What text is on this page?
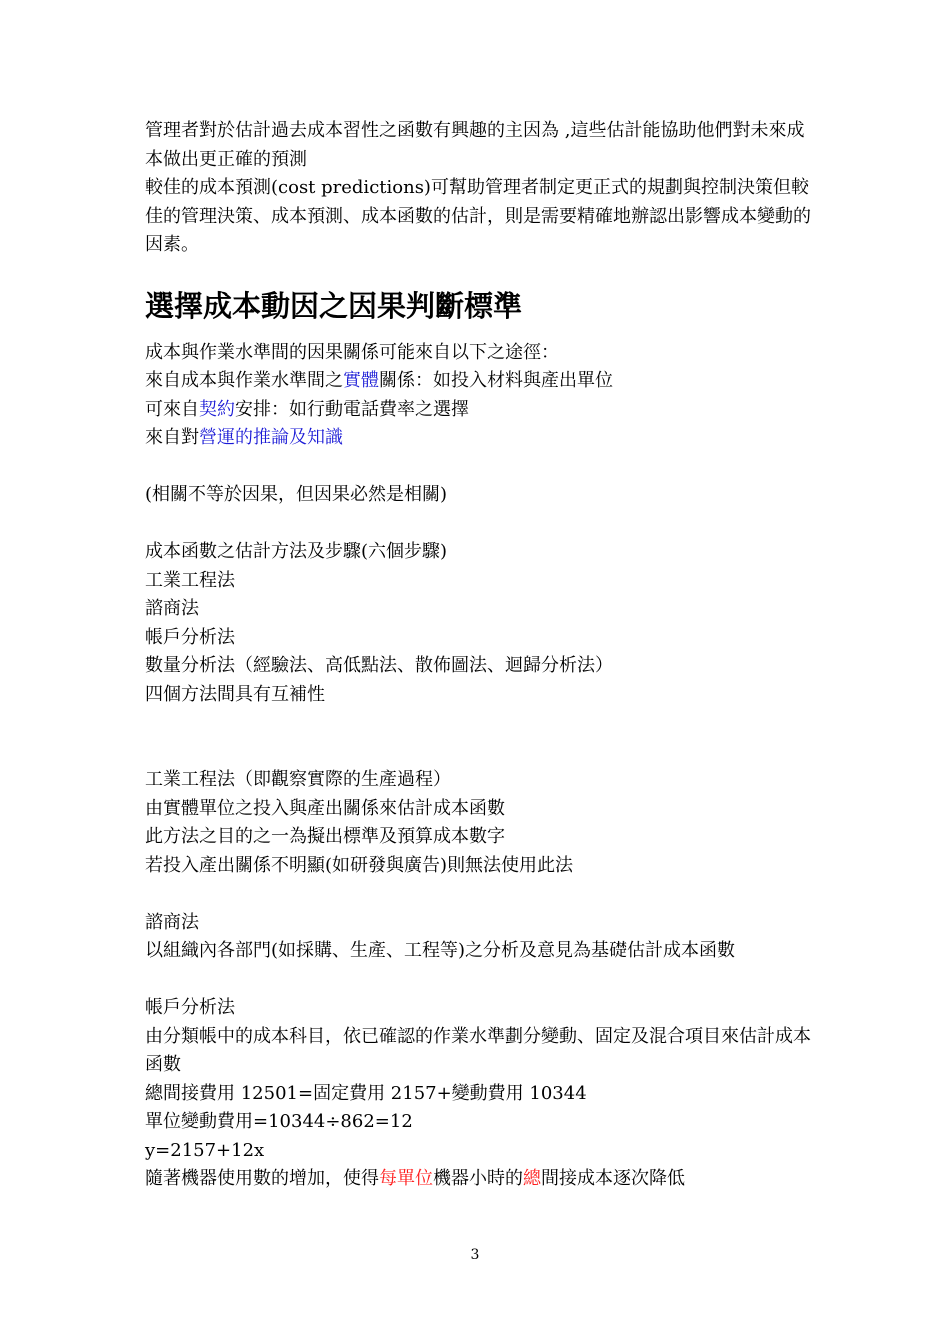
管理者對於估計過去成本習性之函數有興趣的主因為 ,這些估計能協助他們對未來成本做出更正確的預測

較佳的成本預測(cost predictions)可幫助管理者制定更正式的規劃與控制決策但較佳的管理決策、成本預測、成本函數的估計，則是需要精確地辦認出影響成本變動的因素。

選擇成本動因之因果判斷標準

成本與作業水準間的因果關係可能來自以下之途徑：

來自成本與作業水準間之實體關係：如投入材料與產出單位

可來自契約安排：如行動電話費率之選擇

來自對營運的推論及知識

(相關不等於因果，但因果必然是相關)

成本函數之估計方法及步驟(六個步驟)

工業工程法

諮商法

帳戶分析法

數量分析法（經驗法、高低點法、散佈圖法、迴歸分析法）

四個方法間具有互補性

工業工程法（即觀察實際的生產過程）

由實體單位之投入與產出關係來估計成本函數

此方法之目的之一為擬出標準及預算成本數字

若投入產出關係不明顯(如研發與廣告)則無法使用此法

諮商法

以組織內各部門(如採購、生產、工程等)之分析及意見為基礎估計成本函數

帳戶分析法

由分類帳中的成本科目，依已確認的作業水準劃分變動、固定及混合項目來估計成本函數

總間接費用 12501=固定費用 2157+變動費用 10344

單位變動費用=10344÷862=12

y=2157+12x

隨著機器使用數的增加，使得每單位機器小時的總間接成本逐次降低

3
